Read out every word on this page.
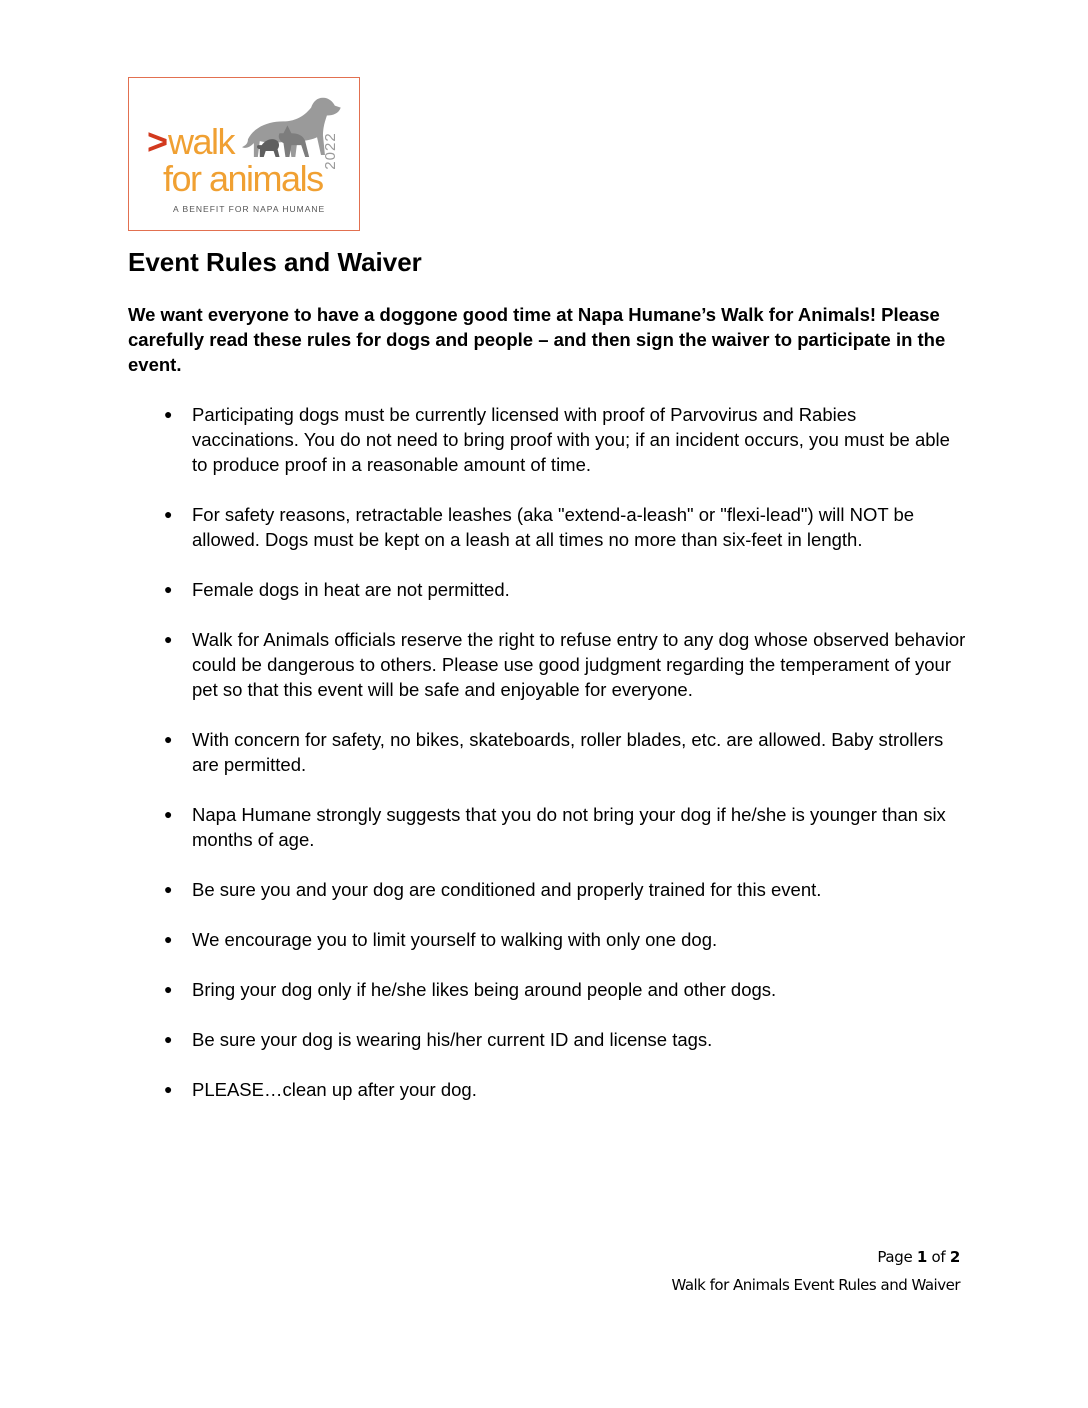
>walk
for animals
2022
A BENEFIT FOR NAPA HUMANE
Event Rules and Waiver

We want everyone to have a doggone good time at Napa Humane’s Walk for Animals! Please carefully read these rules for dogs and people – and then sign the waiver to participate in the event.

● Participating dogs must be currently licensed with proof of Parvovirus and Rabies vaccinations. You do not need to bring proof with you; if an incident occurs, you must be able to produce proof in a reasonable amount of time.
● For safety reasons, retractable leashes (aka "extend-a-leash" or "flexi-lead") will NOT be allowed. Dogs must be kept on a leash at all times no more than six-feet in length.
● Female dogs in heat are not permitted.
● Walk for Animals officials reserve the right to refuse entry to any dog whose observed behavior could be dangerous to others. Please use good judgment regarding the temperament of your pet so that this event will be safe and enjoyable for everyone.
● With concern for safety, no bikes, skateboards, roller blades, etc. are allowed. Baby strollers are permitted.
● Napa Humane strongly suggests that you do not bring your dog if he/she is younger than six months of age.
● Be sure you and your dog are conditioned and properly trained for this event.
● We encourage you to limit yourself to walking with only one dog.
● Bring your dog only if he/she likes being around people and other dogs.
● Be sure your dog is wearing his/her current ID and license tags.
● PLEASE…clean up after your dog.
Page 1 of 2
Walk for Animals Event Rules and Waiver
